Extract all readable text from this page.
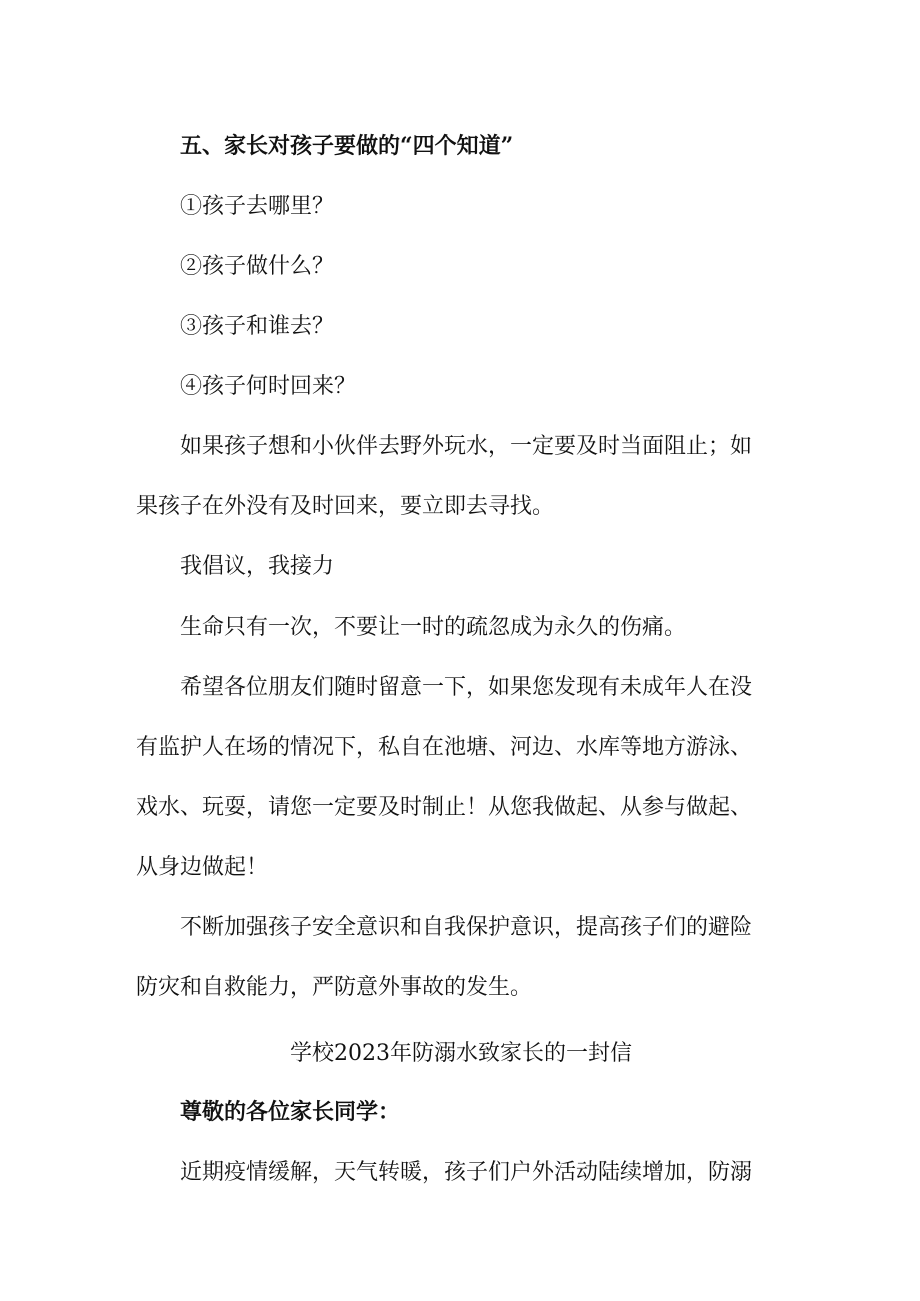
五、家长对孩子要做的“四个知道”
①孩子去哪里？
②孩子做什么？
③孩子和谁去？
④孩子何时回来？
如果孩子想和小伙伴去野外玩水，一定要及时当面阻止；如
果孩子在外没有及时回来，要立即去寻找。
我倡议，我接力
生命只有一次，不要让一时的疏忽成为永久的伤痛。
希望各位朋友们随时留意一下，如果您发现有未成年人在没
有监护人在场的情况下，私自在池塘、河边、水库等地方游泳、
戏水、玩耍，请您一定要及时制止！从您我做起、从参与做起、
从身边做起！
不断加强孩子安全意识和自我保护意识，提高孩子们的避险
防灾和自救能力，严防意外事故的发生。
学校2023年防溺水致家长的一封信
尊敬的各位家长同学：
近期疫情缓解，天气转暖，孩子们户外活动陆续增加，防溺
